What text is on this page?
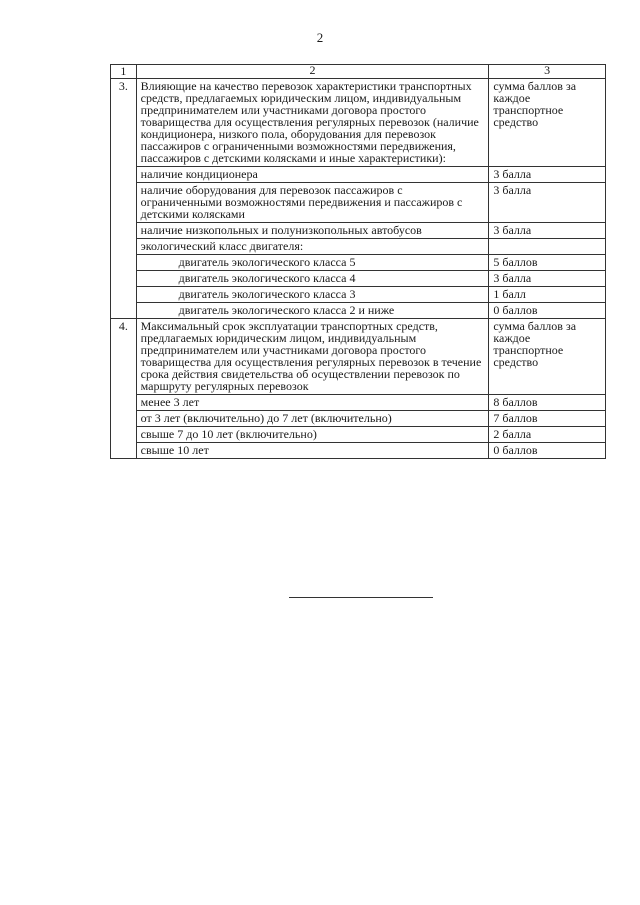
2
1	2	3
3.	Влияющие на качество перевозок характеристики транспортных средств, предлагаемых юридическим лицом, индивидуальным предпринимателем или участниками договора простого товарищества для осуществления регулярных перевозок (наличие кондиционера, низкого пола, оборудования для перевозок пассажиров с ограниченными возможностями передвижения, пассажиров с детскими колясками и иные характеристики):	сумма баллов за каждое транспортное средство
	наличие кондиционера	3 балла
	наличие оборудования для перевозок пассажиров с ограниченными возможностями передвижения и пассажиров с детскими колясками	3 балла
	наличие низкопольных и полунизкопольных автобусов	3 балла
	экологический класс двигателя:	
	двигатель экологического класса 5	5 баллов
	двигатель экологического класса 4	3 балла
	двигатель экологического класса 3	1 балл
	двигатель экологического класса 2 и ниже	0 баллов
4.	Максимальный срок эксплуатации транспортных средств, предлагаемых юридическим лицом, индивидуальным предпринимателем или участниками договора простого товарищества для осуществления регулярных перевозок в течение срока действия свидетельства об осуществлении перевозок по маршруту регулярных перевозок	сумма баллов за каждое транспортное средство
	менее 3 лет	8 баллов
	от 3 лет (включительно) до 7 лет (включительно)	7 баллов
	свыше 7 до 10 лет (включительно)	2 балла
	свыше 10 лет	0 баллов
